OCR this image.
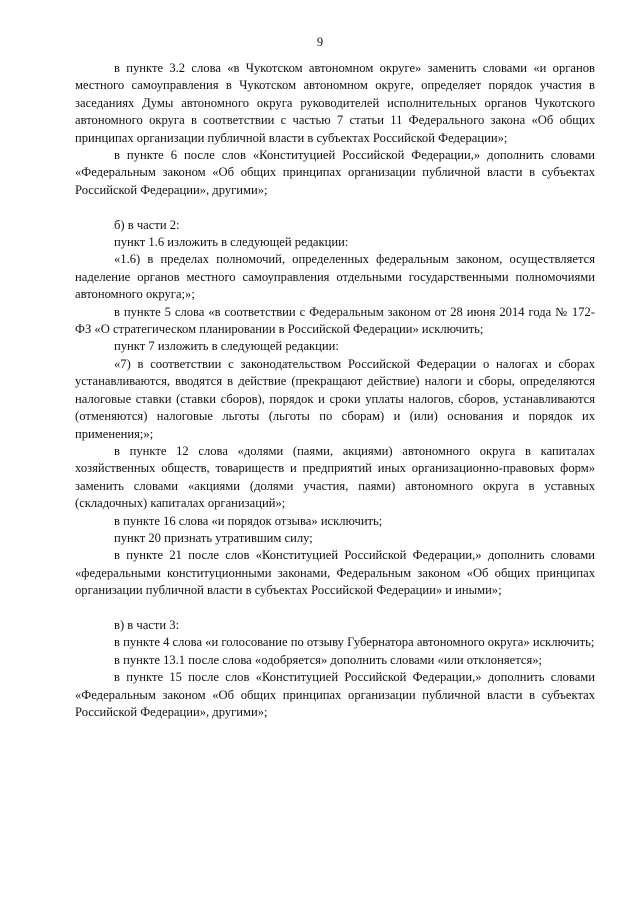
9

в пункте 3.2 слова «в Чукотском автономном округе» заменить словами «и органов местного самоуправления в Чукотском автономном округе, определяет порядок участия в заседаниях Думы автономного округа руководителей исполнительных органов Чукотского автономного округа в соответствии с частью 7 статьи 11 Федерального закона «Об общих принципах организации публичной власти в субъектах Российской Федерации»;

в пункте 6 после слов «Конституцией Российской Федерации,» дополнить словами «Федеральным законом «Об общих принципах организации публичной власти в субъектах Российской Федерации», другими»;

б) в части 2:

пункт 1.6 изложить в следующей редакции:

«1.6) в пределах полномочий, определенных федеральным законом, осуществляется наделение органов местного самоуправления отдельными государственными полномочиями автономного округа;»;

в пункте 5 слова «в соответствии с Федеральным законом от 28 июня 2014 года № 172-ФЗ «О стратегическом планировании в Российской Федерации» исключить;

пункт 7 изложить в следующей редакции:

«7) в соответствии с законодательством Российской Федерации о налогах и сборах устанавливаются, вводятся в действие (прекращают действие) налоги и сборы, определяются налоговые ставки (ставки сборов), порядок и сроки уплаты налогов, сборов, устанавливаются (отменяются) налоговые льготы (льготы по сборам) и (или) основания и порядок их применения;»;

в пункте 12 слова «долями (паями, акциями) автономного округа в капиталах хозяйственных обществ, товариществ и предприятий иных организационно-правовых форм» заменить словами «акциями (долями участия, паями) автономного округа в уставных (складочных) капиталах организаций»;

в пункте 16 слова «и порядок отзыва» исключить;

пункт 20 признать утратившим силу;

в пункте 21 после слов «Конституцией Российской Федерации,» дополнить словами «федеральными конституционными законами, Федеральным законом «Об общих принципах организации публичной власти в субъектах Российской Федерации» и иными»;

в) в части 3:

в пункте 4 слова «и голосование по отзыву Губернатора автономного округа» исключить;

в пункте 13.1 после слова «одобряется» дополнить словами «или отклоняется»;

в пункте 15 после слов «Конституцией Российской Федерации,» дополнить словами «Федеральным законом «Об общих принципах организации публичной власти в субъектах Российской Федерации», другими»;
